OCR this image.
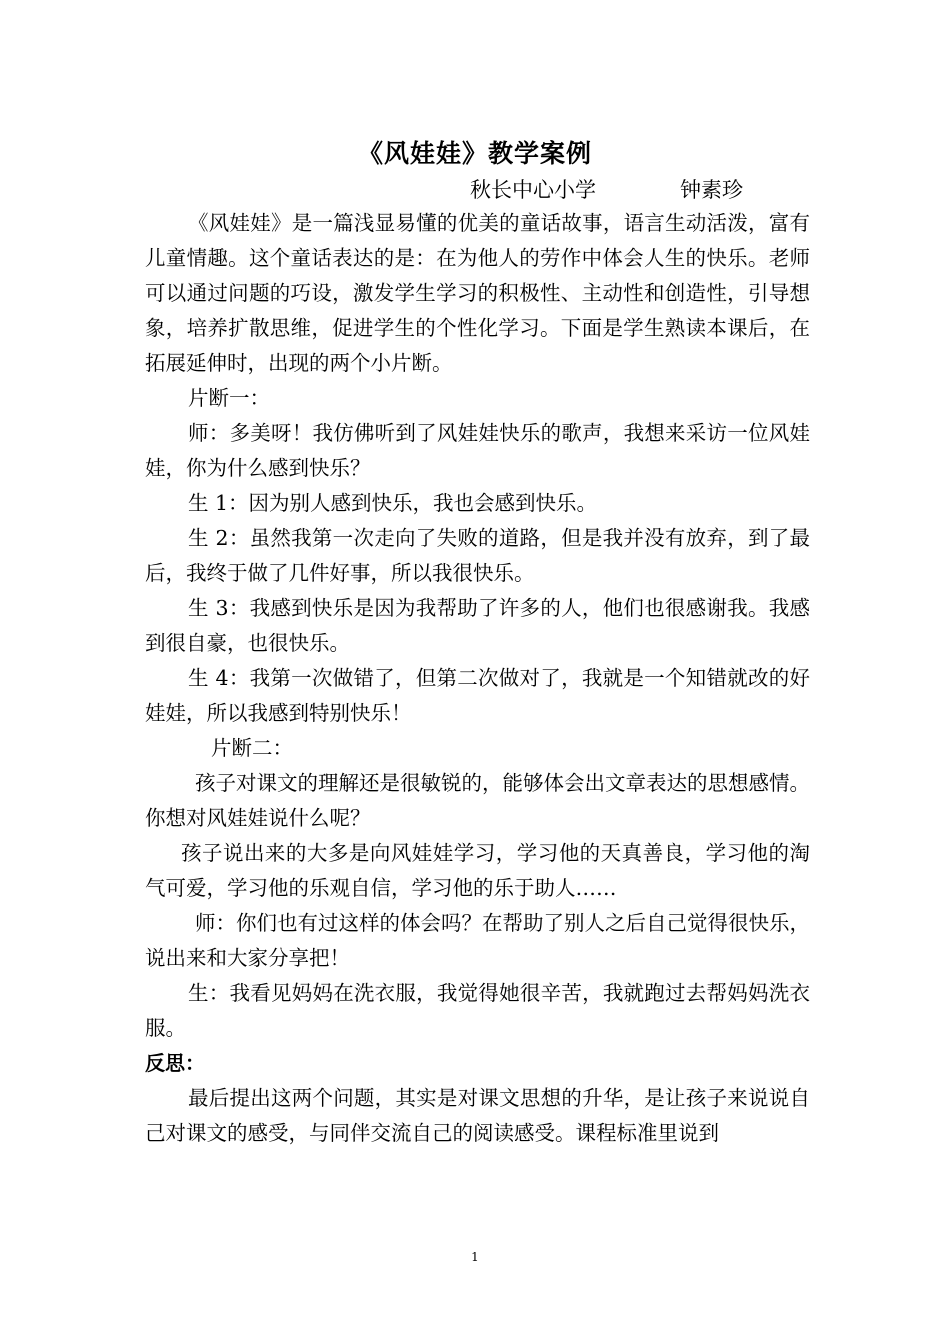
《风娃娃》教学案例
秋长中心小学	钟素珍

《风娃娃》是一篇浅显易懂的优美的童话故事，语言生动活泼，富有儿童情趣。这个童话表达的是：在为他人的劳作中体会人生的快乐。老师可以通过问题的巧设，激发学生学习的积极性、主动性和创造性，引导想象，培养扩散思维，促进学生的个性化学习。下面是学生熟读本课后，在拓展延伸时，出现的两个小片断。

片断一：

师：多美呀！我仿佛听到了风娃娃快乐的歌声，我想来采访一位风娃娃，你为什么感到快乐？

生 1：因为别人感到快乐，我也会感到快乐。

生 2：虽然我第一次走向了失败的道路，但是我并没有放弃，到了最后，我终于做了几件好事，所以我很快乐。

生 3：我感到快乐是因为我帮助了许多的人，他们也很感谢我。我感到很自豪，也很快乐。

生 4：我第一次做错了，但第二次做对了，我就是一个知错就改的好娃娃，所以我感到特别快乐！

片断二：

孩子对课文的理解还是很敏锐的，能够体会出文章表达的思想感情。你想对风娃娃说什么呢？

孩子说出来的大多是向风娃娃学习，学习他的天真善良，学习他的淘气可爱，学习他的乐观自信，学习他的乐于助人……

师：你们也有过这样的体会吗？在帮助了别人之后自己觉得很快乐，说出来和大家分享把！

生：我看见妈妈在洗衣服，我觉得她很辛苦，我就跑过去帮妈妈洗衣服。

反思：

最后提出这两个问题，其实是对课文思想的升华，是让孩子来说说自己对课文的感受，与同伴交流自己的阅读感受。课程标准里说到

1
